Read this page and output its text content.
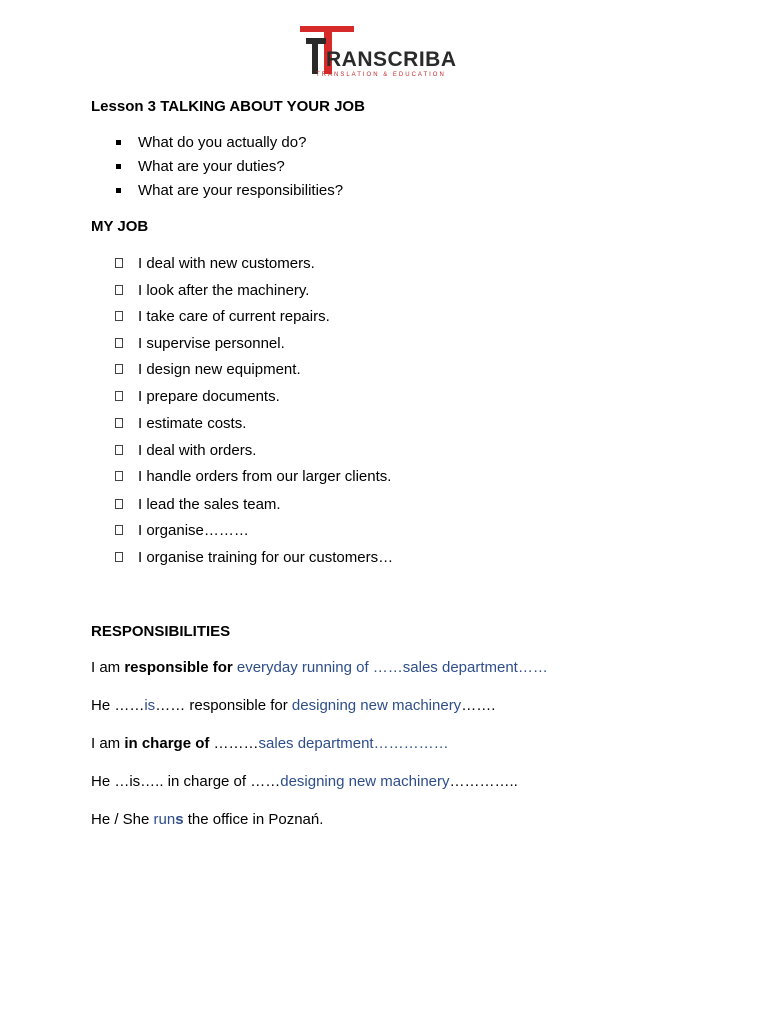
RANSCRIBA
TRANSLATION & EDUCATION
Lesson 3 TALKING ABOUT YOUR JOB
What do you actually do?
What are your duties?
What are your responsibilities?
MY JOB
I deal with new customers.
I look after the machinery.
I take care of current repairs.
I supervise personnel.
I design new equipment.
I prepare documents.
I estimate costs.
I deal with orders.
I handle orders from our larger clients.
I lead the sales team.
I organise………
I organise training for our customers…
RESPONSIBILITIES
I am responsible for everyday running of ……sales department……
He ……is…… responsible for designing new machinery…….
I am in charge of ………sales department……………
He …is….. in charge of ……designing new machinery…………..
He / She runs the office in Poznań.
